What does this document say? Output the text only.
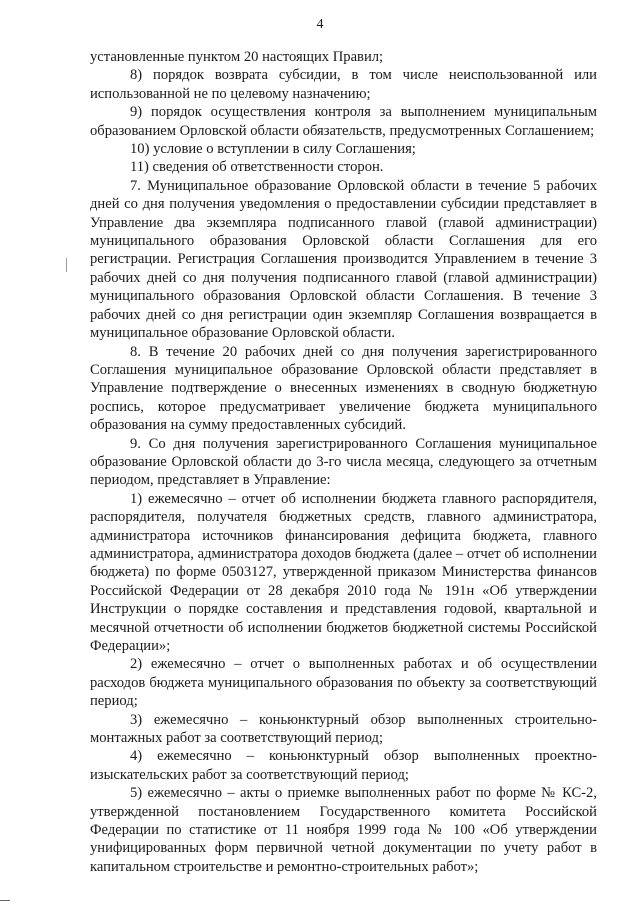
4

установленные пунктом 20 настоящих Правил;

8) порядок возврата субсидии, в том числе неиспользованной или использованной не по целевому назначению;

9) порядок осуществления контроля за выполнением муниципальным образованием Орловской области обязательств, предусмотренных Соглашением;

10) условие о вступлении в силу Соглашения;

11) сведения об ответственности сторон.

7. Муниципальное образование Орловской области в течение 5 рабочих дней со дня получения уведомления о предоставлении субсидии представляет в Управление два экземпляра подписанного главой (главой администрации) муниципального образования Орловской области Соглашения для его регистрации. Регистрация Соглашения производится Управлением в течение 3 рабочих дней со дня получения подписанного главой (главой администрации) муниципального образования Орловской области Соглашения. В течение 3 рабочих дней со дня регистрации один экземпляр Соглашения возвращается в муниципальное образование Орловской области.

8. В течение 20 рабочих дней со дня получения зарегистрированного Соглашения муниципальное образование Орловской области представляет в Управление подтверждение о внесенных изменениях в сводную бюджетную роспись, которое предусматривает увеличение бюджета муниципального образования на сумму предоставленных субсидий.

9. Со дня получения зарегистрированного Соглашения муниципальное образование Орловской области до 3-го числа месяца, следующего за отчетным периодом, представляет в Управление:

1) ежемесячно – отчет об исполнении бюджета главного распорядителя, распорядителя, получателя бюджетных средств, главного администратора, администратора источников финансирования дефицита бюджета, главного администратора, администратора доходов бюджета (далее – отчет об исполнении бюджета) по форме 0503127, утвержденной приказом Министерства финансов Российской Федерации от 28 декабря 2010 года № 191н «Об утверждении Инструкции о порядке составления и представления годовой, квартальной и месячной отчетности об исполнении бюджетов бюджетной системы Российской Федерации»;

2) ежемесячно – отчет о выполненных работах и об осуществлении расходов бюджета муниципального образования по объекту за соответствующий период;

3) ежемесячно – коньюнктурный обзор выполненных строительно-монтажных работ за соответствующий период;

4) ежемесячно – коньюнктурный обзор выполненных проектно-изыскательских работ за соответствующий период;

5) ежемесячно – акты о приемке выполненных работ по форме № КС-2, утвержденной постановлением Государственного комитета Российской Федерации по статистике от 11 ноября 1999 года № 100 «Об утверждении унифицированных форм первичной четной документации по учету работ в капитальном строительстве и ремонтно-строительных работ»;
